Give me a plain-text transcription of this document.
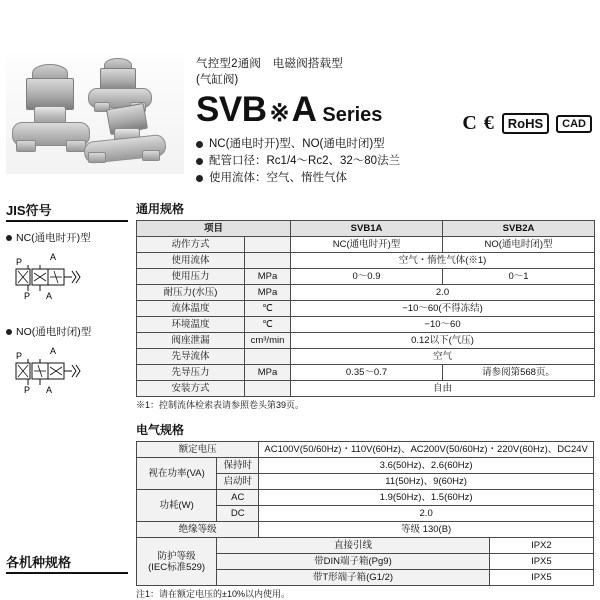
气控型2通阀　电磁阀搭载型
(气缸阀)
SVB ※ A Series
NC(通电时开)型、NO(通电时闭)型
配管口径：Rc1/4〜Rc2、32〜80法兰
使用流体：空气、惰性气体
C €	RoHS	CAD
JIS符号
NC(通电时开)型
P	A
P A
NO(通电时闭)型
P	A
P A
各机种规格
通用规格
项目		SVB1A	SVB2A
动作方式		NC(通电时开)型	NO(通电时闭)型
使用流体		空气・惰性气体(※1)	
使用压力	MPa	0〜0.9	0〜1
耐压力(水压)	MPa	2.0	
流体温度	℃	−10〜60(不得冻结)	
环境温度	℃	−10〜60	
阀座泄漏	cm³/min	0.12以下(气压)	
先导流体		空气	
先导压力	MPa	0.35〜0.7	请参阅第568页。
安装方式		自由	
※1：控制流体检索表请参照卷头第39页。
电气规格
额定电压		AC100V(50/60Hz)・110V(60Hz)、AC200V(50/60Hz)・220V(60Hz)、DC24V	
视在功率(VA)	保持时	3.6(50Hz)、2.6(60Hz)	
	启动时	11(50Hz)、9(60Hz)	
功耗(W)	AC	1.9(50Hz)、1.5(60Hz)	
	DC	2.0	
绝缘等级		等级 130(B)	
防护等级
(IEC标准529)	直接引线		IPX2
	带DIN端子箱(Pg9)		IPX5
	带T形端子箱(G1/2)		IPX5
注1：请在额定电压的±10%以内使用。
